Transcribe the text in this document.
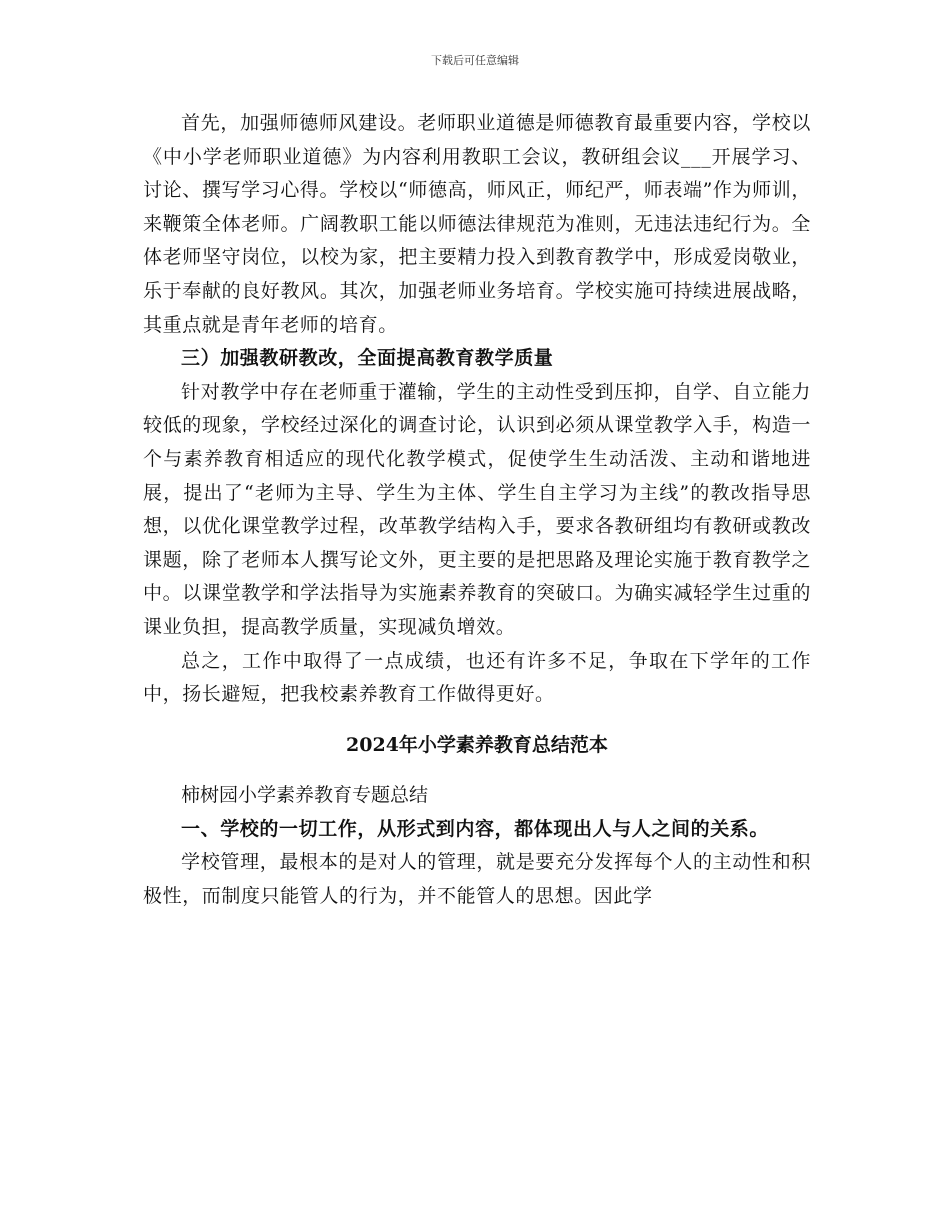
下载后可任意编辑

首先，加强师德师风建设。老师职业道德是师德教育最重要内容，学校以《中小学老师职业道德》为内容利用教职工会议，教研组会议___开展学习、讨论、撰写学习心得。学校以“师德高，师风正，师纪严，师表端”作为师训，来鞭策全体老师。广阔教职工能以师德法律规范为准则，无违法违纪行为。全体老师坚守岗位，以校为家，把主要精力投入到教育教学中，形成爱岗敬业，乐于奉献的良好教风。其次，加强老师业务培育。学校实施可持续进展战略，其重点就是青年老师的培育。

三）加强教研教改，全面提高教育教学质量

针对教学中存在老师重于灌输，学生的主动性受到压抑，自学、自立能力较低的现象，学校经过深化的调查讨论，认识到必须从课堂教学入手，构造一个与素养教育相适应的现代化教学模式，促使学生生动活泼、主动和谐地进展，提出了“老师为主导、学生为主体、学生自主学习为主线”的教改指导思想，以优化课堂教学过程，改革教学结构入手，要求各教研组均有教研或教改课题，除了老师本人撰写论文外，更主要的是把思路及理论实施于教育教学之中。以课堂教学和学法指导为实施素养教育的突破口。为确实减轻学生过重的课业负担，提高教学质量，实现减负增效。

总之，工作中取得了一点成绩，也还有许多不足，争取在下学年的工作中，扬长避短，把我校素养教育工作做得更好。

2024年小学素养教育总结范本

柿树园小学素养教育专题总结

一、学校的一切工作，从形式到内容，都体现出人与人之间的关系。

学校管理，最根本的是对人的管理，就是要充分发挥每个人的主动性和积极性，而制度只能管人的行为，并不能管人的思想。因此学
